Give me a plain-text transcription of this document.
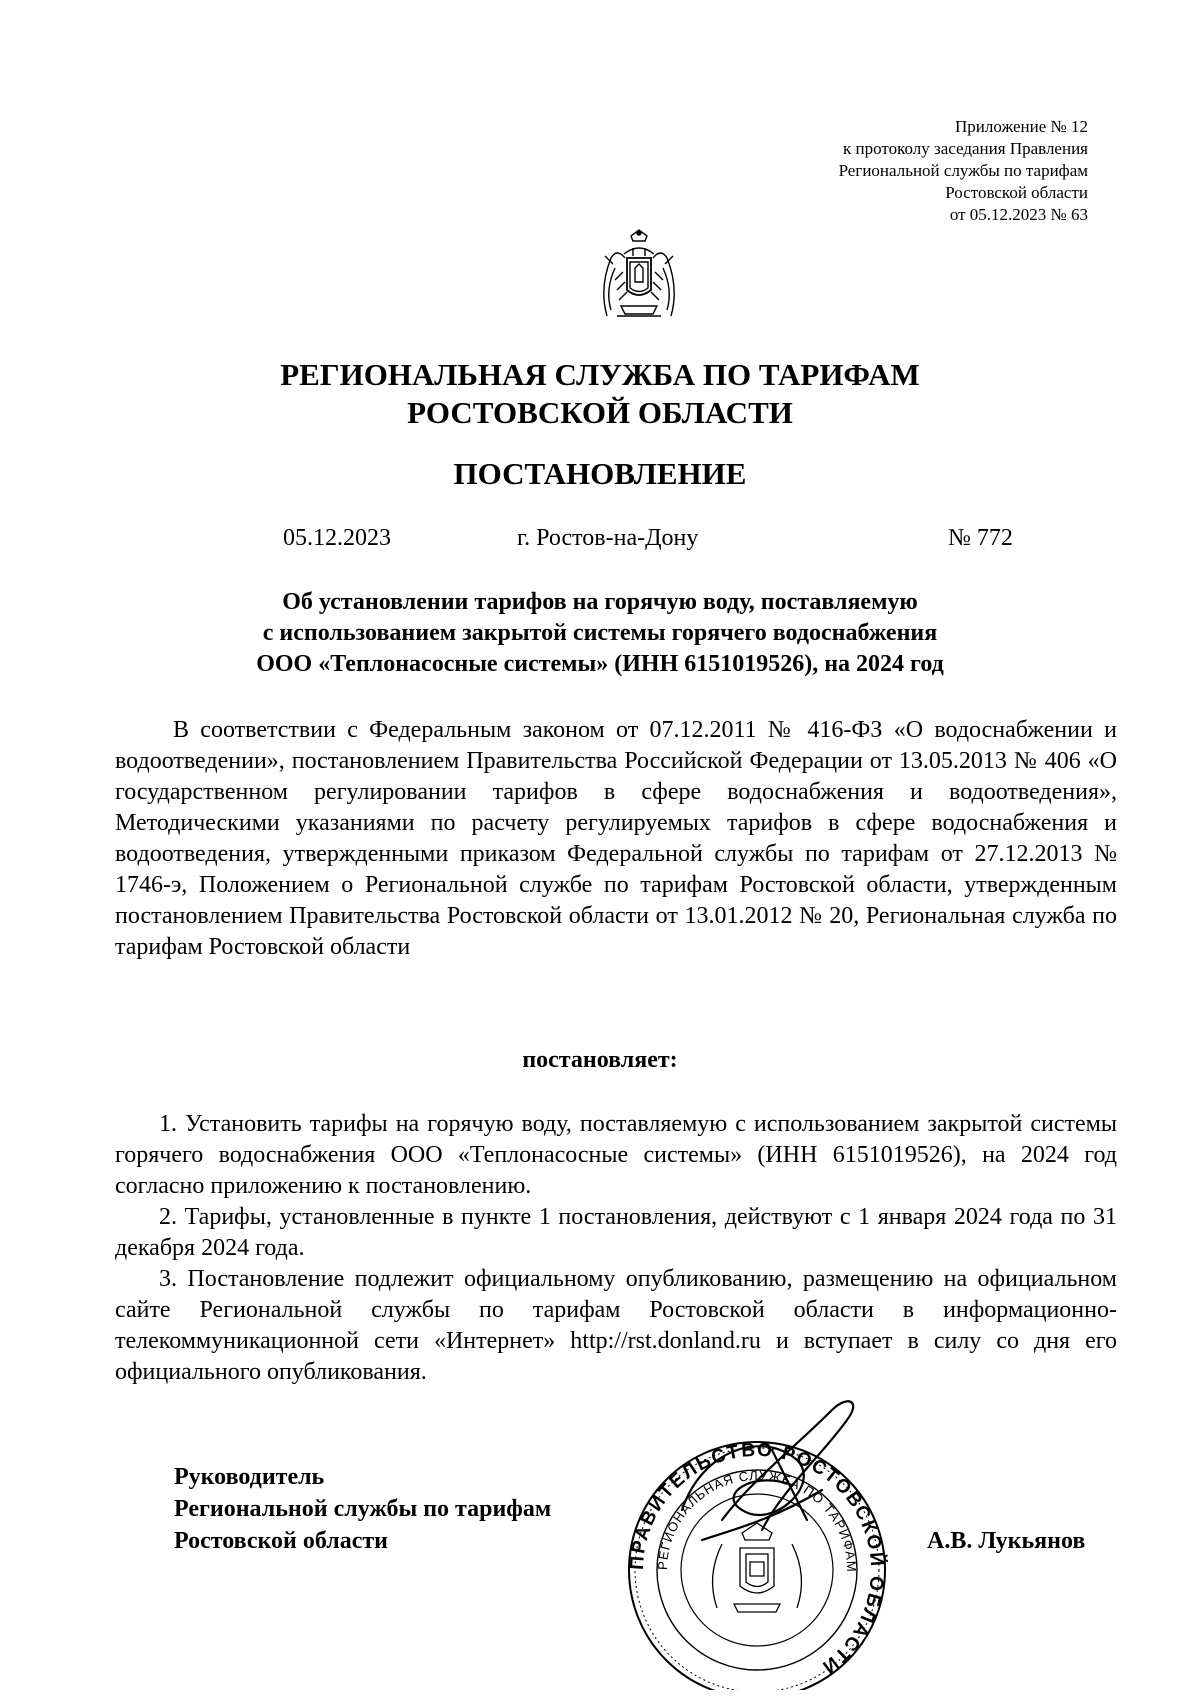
Приложение № 12
к протоколу заседания Правления
Региональной службы по тарифам
Ростовской области
от 05.12.2023 № 63
РЕГИОНАЛЬНАЯ СЛУЖБА ПО ТАРИФАМ
РОСТОВСКОЙ ОБЛАСТИ
ПОСТАНОВЛЕНИЕ
05.12.2023	г. Ростов-на-Дону	№ 772
Об установлении тарифов на горячую воду, поставляемую
с использованием закрытой системы горячего водоснабжения
ООО «Теплонасосные системы» (ИНН 6151019526), на 2024 год
В соответствии с Федеральным законом от 07.12.2011 № 416-ФЗ «О водоснабжении и водоотведении», постановлением Правительства Российской Федерации от 13.05.2013 № 406 «О государственном регулировании тарифов в сфере водоснабжения и водоотведения», Методическими указаниями по расчету регулируемых тарифов в сфере водоснабжения и водоотведения, утвержденными приказом Федеральной службы по тарифам от 27.12.2013 № 1746-э, Положением о Региональной службе по тарифам Ростовской области, утвержденным постановлением Правительства Ростовской области от 13.01.2012 № 20, Региональная служба по тарифам Ростовской области
постановляет:

1. Установить тарифы на горячую воду, поставляемую с использованием закрытой системы горячего водоснабжения ООО «Теплонасосные системы» (ИНН 6151019526), на 2024 год согласно приложению к постановлению.

2. Тарифы, установленные в пункте 1 постановления, действуют с 1 января 2024 года по 31 декабря 2024 года.

3. Постановление подлежит официальному опубликованию, размещению на официальном сайте Региональной службы по тарифам Ростовской области в информационно-телекоммуникационной сети «Интернет» http://rst.donland.ru и вступает в силу со дня его официального опубликования.

ПРАВИТЕЛЬСТВО РОСТОВСКОЙ ОБЛАСТИ
РЕГИОНАЛЬНАЯ СЛУЖБА ПО ТАРИФАМ
Руководитель
Региональной службы по тарифам
Ростовской области	А.В. Лукьянов
